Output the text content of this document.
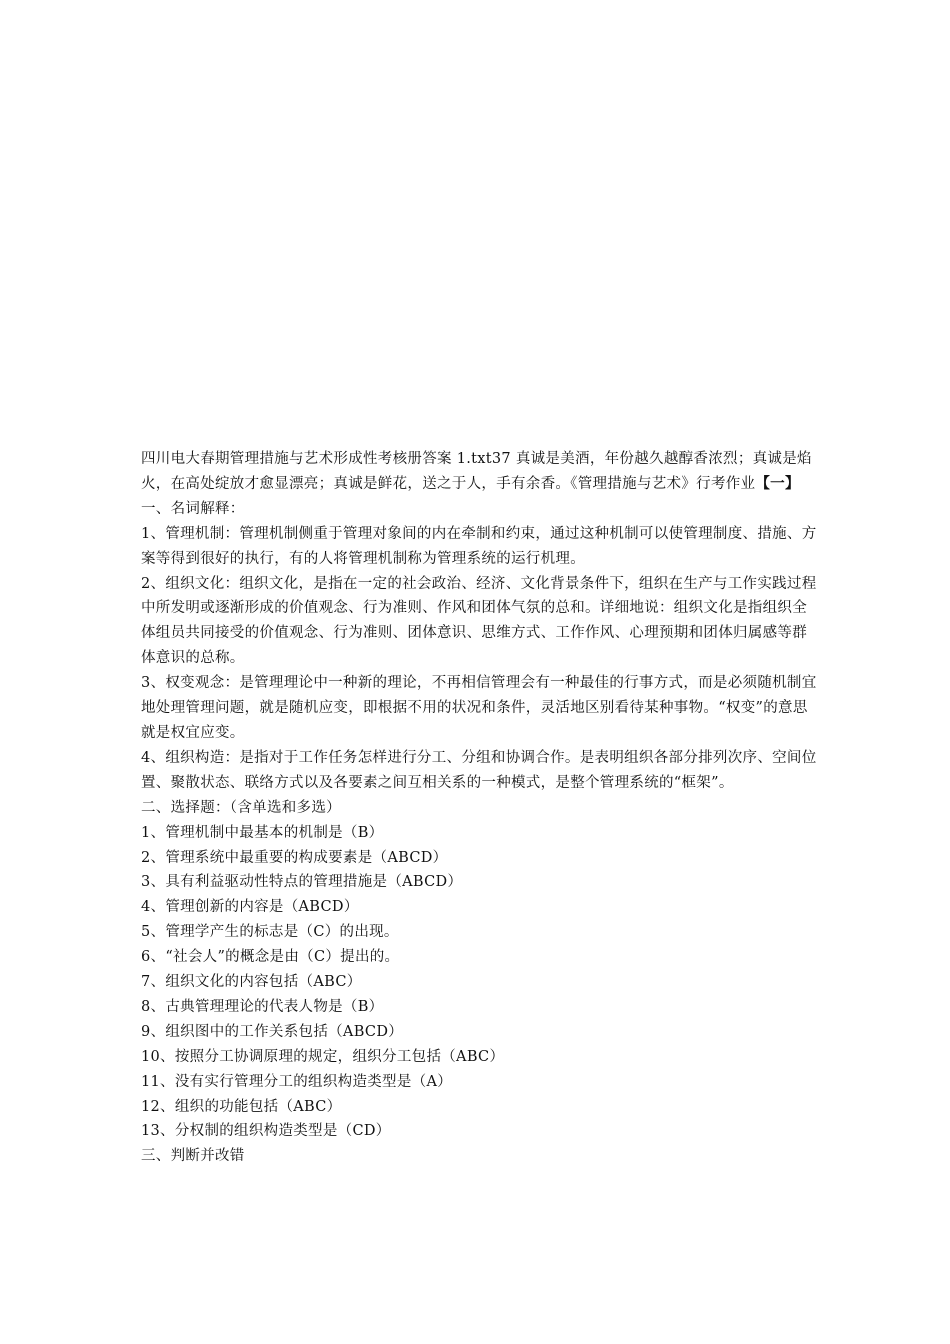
四川电大春期管理措施与艺术形成性考核册答案 1.txt37 真诚是美酒，年份越久越醇香浓烈；真诚是焰火，在高处绽放才愈显漂亮；真诚是鲜花，送之于人，手有余香。《管理措施与艺术》行考作业【一】

一、名词解释：

1、管理机制：管理机制侧重于管理对象间的内在牵制和约束，通过这种机制可以使管理制度、措施、方案等得到很好的执行，有的人将管理机制称为管理系统的运行机理。

2、组织文化：组织文化，是指在一定的社会政治、经济、文化背景条件下，组织在生产与工作实践过程中所发明或逐渐形成的价值观念、行为准则、作风和团体气氛的总和。详细地说：组织文化是指组织全体组员共同接受的价值观念、行为准则、团体意识、思维方式、工作作风、心理预期和团体归属感等群体意识的总称。

3、权变观念：是管理理论中一种新的理论，不再相信管理会有一种最佳的行事方式，而是必须随机制宜地处理管理问题，就是随机应变，即根据不用的状况和条件，灵活地区别看待某种事物。“权变”的意思就是权宜应变。

4、组织构造：是指对于工作任务怎样进行分工、分组和协调合作。是表明组织各部分排列次序、空间位置、聚散状态、联络方式以及各要素之间互相关系的一种模式，是整个管理系统的“框架”。

二、选择题：（含单选和多选）

1、管理机制中最基本的机制是（B）

2、管理系统中最重要的构成要素是（ABCD）

3、具有利益驱动性特点的管理措施是（ABCD）

4、管理创新的内容是（ABCD）

5、管理学产生的标志是（C）的出现。

6、“社会人”的概念是由（C）提出的。

7、组织文化的内容包括（ABC）

8、古典管理理论的代表人物是（B）

9、组织图中的工作关系包括（ABCD）

10、按照分工协调原理的规定，组织分工包括（ABC）

11、没有实行管理分工的组织构造类型是（A）

12、组织的功能包括（ABC）

13、分权制的组织构造类型是（CD）

三、判断并改错
